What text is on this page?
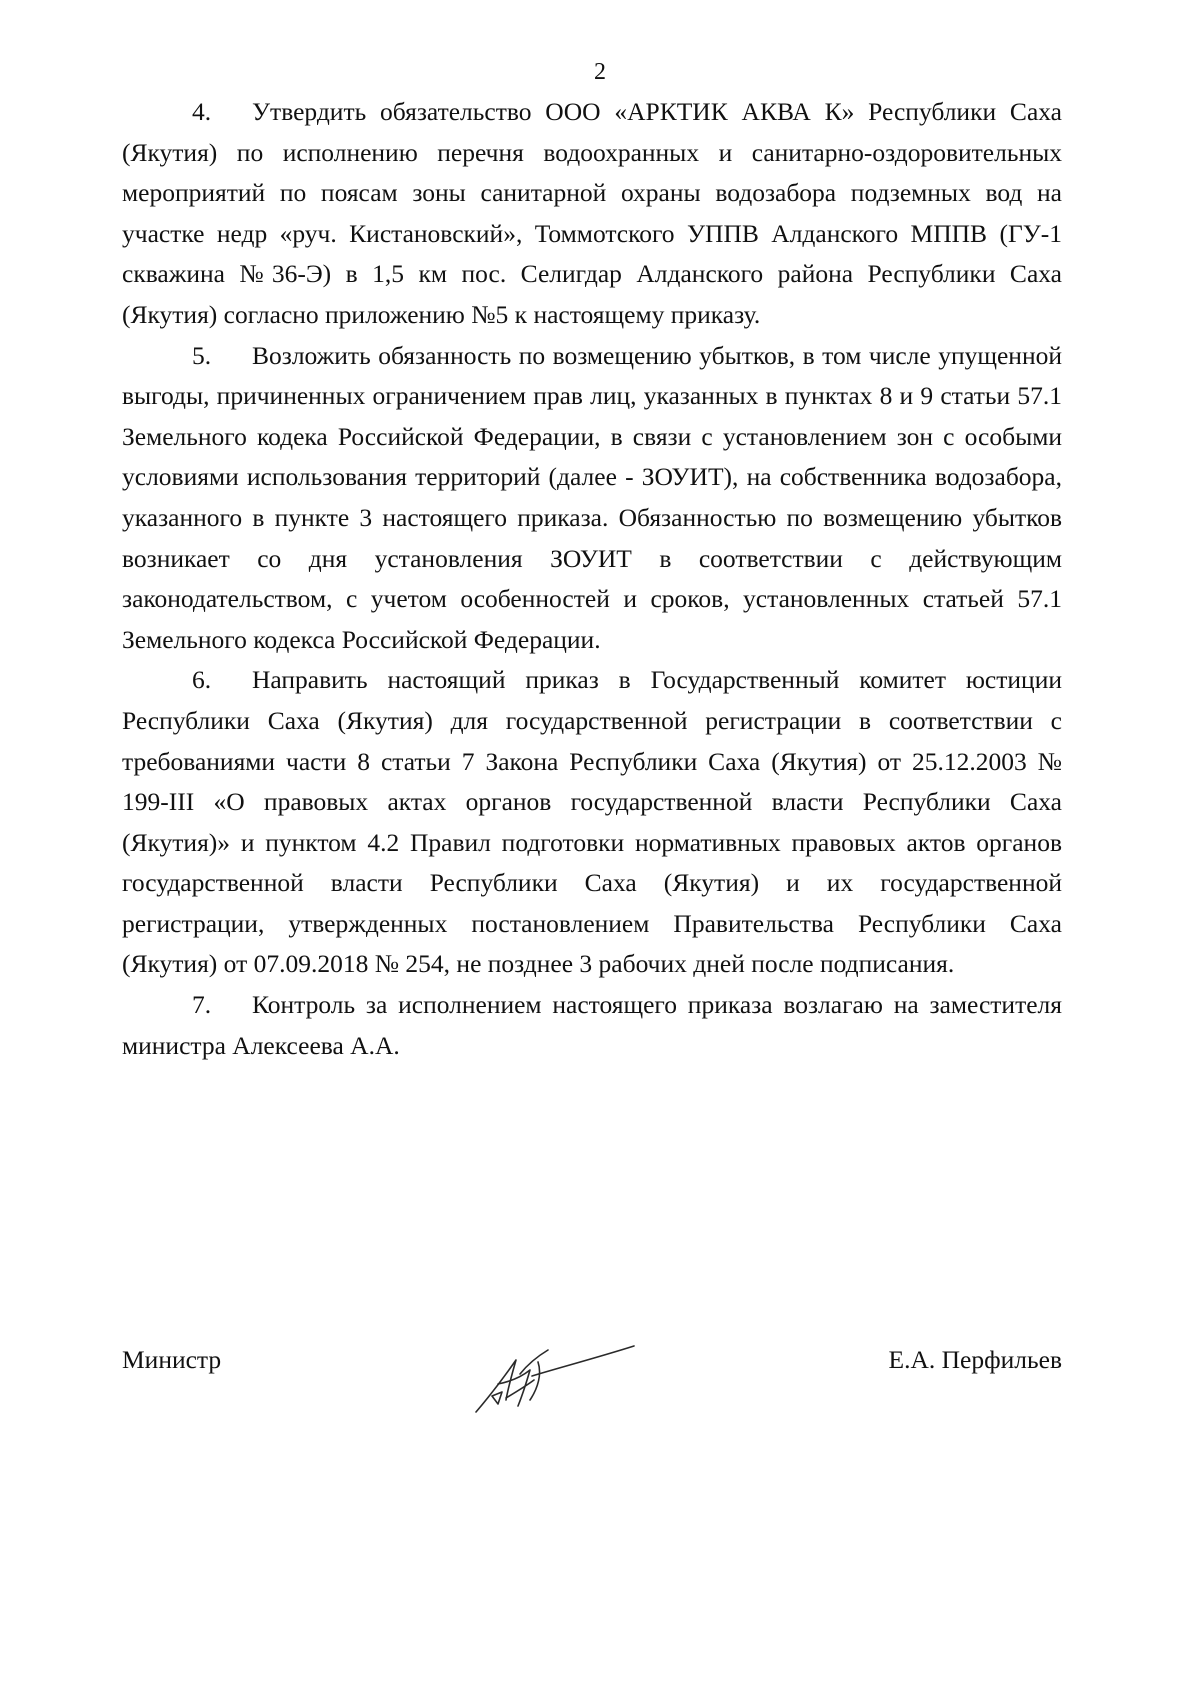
2

4. Утвердить обязательство ООО «АРКТИК АКВА К» Республики Саха (Якутия) по исполнению перечня водоохранных и санитарно-оздоровительных мероприятий по поясам зоны санитарной охраны водозабора подземных вод на участке недр «руч. Кистановский», Томмотского УППВ Алданского МППВ (ГУ-1 скважина №36-Э) в 1,5 км пос. Селигдар Алданского района Республики Саха (Якутия) согласно приложению №5 к настоящему приказу.

5. Возложить обязанность по возмещению убытков, в том числе упущенной выгоды, причиненных ограничением прав лиц, указанных в пунктах 8 и 9 статьи 57.1 Земельного кодека Российской Федерации, в связи с установлением зон с особыми условиями использования территорий (далее - ЗОУИТ), на собственника водозабора, указанного в пункте 3 настоящего приказа. Обязанностью по возмещению убытков возникает со дня установления ЗОУИТ в соответствии с действующим законодательством, с учетом особенностей и сроков, установленных статьей 57.1 Земельного кодекса Российской Федерации.

6. Направить настоящий приказ в Государственный комитет юстиции Республики Саха (Якутия) для государственной регистрации в соответствии с требованиями части 8 статьи 7 Закона Республики Саха (Якутия) от 25.12.2003 № 199-III «О правовых актах органов государственной власти Республики Саха (Якутия)» и пунктом 4.2 Правил подготовки нормативных правовых актов органов государственной власти Республики Саха (Якутия) и их государственной регистрации, утвержденных постановлением Правительства Республики Саха (Якутия) от 07.09.2018 № 254, не позднее 3 рабочих дней после подписания.

7. Контроль за исполнением настоящего приказа возлагаю на заместителя министра Алексеева А.А.

Министр	Е.А. Перфильев
